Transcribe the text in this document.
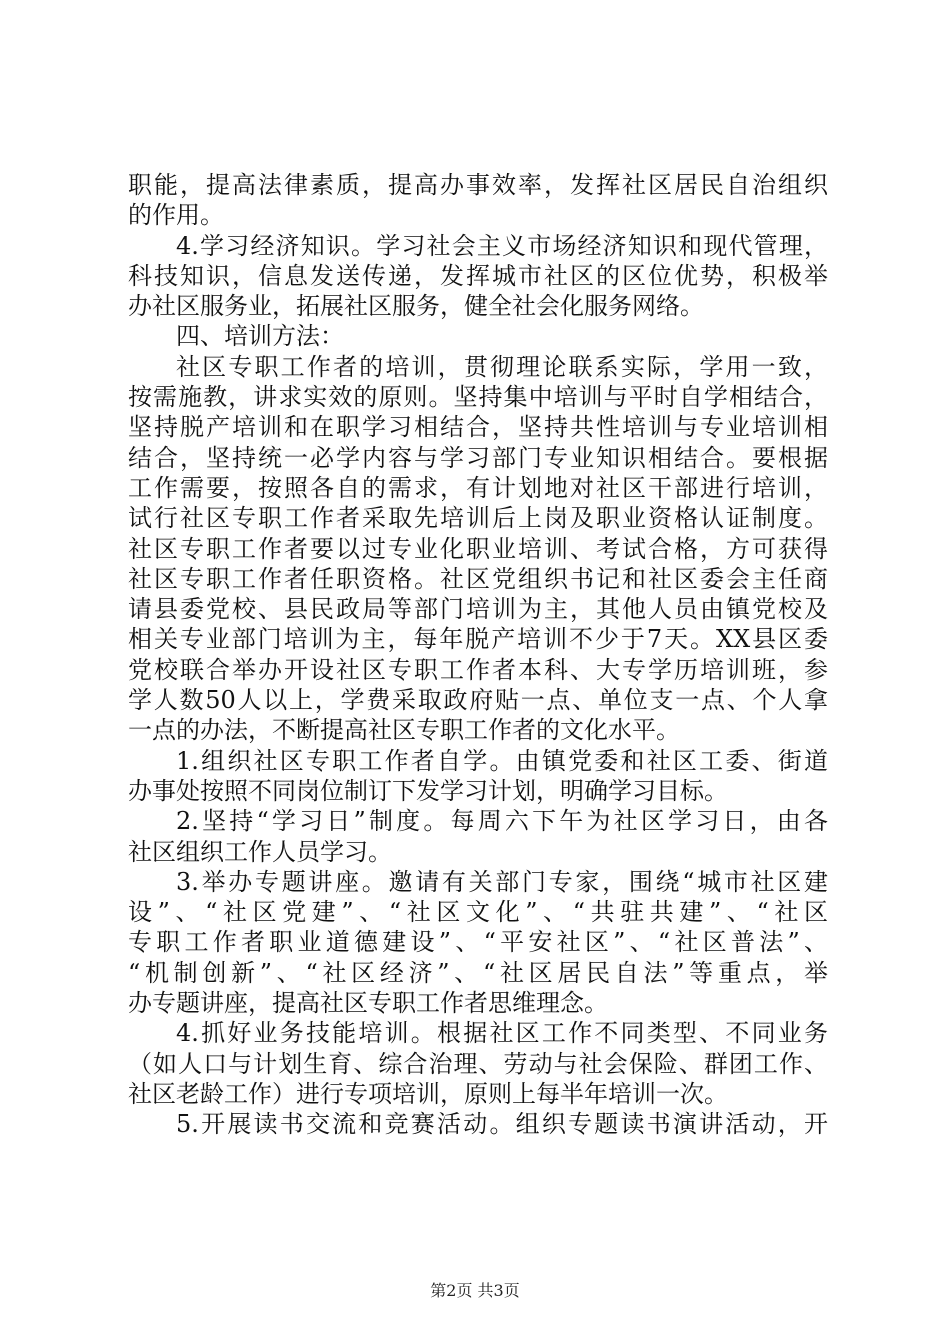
职能，提高法律素质，提高办事效率，发挥社区居民自治组织
的作用。
4.学习经济知识。学习社会主义市场经济知识和现代管理，
科技知识，信息发送传递，发挥城市社区的区位优势，积极举
办社区服务业，拓展社区服务，健全社会化服务网络。
四、培训方法：
社区专职工作者的培训，贯彻理论联系实际，学用一致，
按需施教，讲求实效的原则。坚持集中培训与平时自学相结合，
坚持脱产培训和在职学习相结合，坚持共性培训与专业培训相
结合，坚持统一必学内容与学习部门专业知识相结合。要根据
工作需要，按照各自的需求，有计划地对社区干部进行培训，
试行社区专职工作者采取先培训后上岗及职业资格认证制度。
社区专职工作者要以过专业化职业培训、考试合格，方可获得
社区专职工作者任职资格。社区党组织书记和社区委会主任商
请县委党校、县民政局等部门培训为主，其他人员由镇党校及
相关专业部门培训为主，每年脱产培训不少于7天。XX县区委
党校联合举办开设社区专职工作者本科、大专学历培训班，参
学人数50人以上，学费采取政府贴一点、单位支一点、个人拿
一点的办法，不断提高社区专职工作者的文化水平。
1.组织社区专职工作者自学。由镇党委和社区工委、街道
办事处按照不同岗位制订下发学习计划，明确学习目标。
2.坚持“学习日”制度。每周六下午为社区学习日，由各
社区组织工作人员学习。
3.举办专题讲座。邀请有关部门专家，围绕“城市社区建
设”、“社区党建”、“社区文化”、“共驻共建”、“社区
专职工作者职业道德建设”、“平安社区”、“社区普法”、
“机制创新”、“社区经济”、“社区居民自法”等重点，举
办专题讲座，提高社区专职工作者思维理念。
4.抓好业务技能培训。根据社区工作不同类型、不同业务
（如人口与计划生育、综合治理、劳动与社会保险、群团工作、
社区老龄工作）进行专项培训，原则上每半年培训一次。
5.开展读书交流和竞赛活动。组织专题读书演讲活动，开
第2页 共3页
